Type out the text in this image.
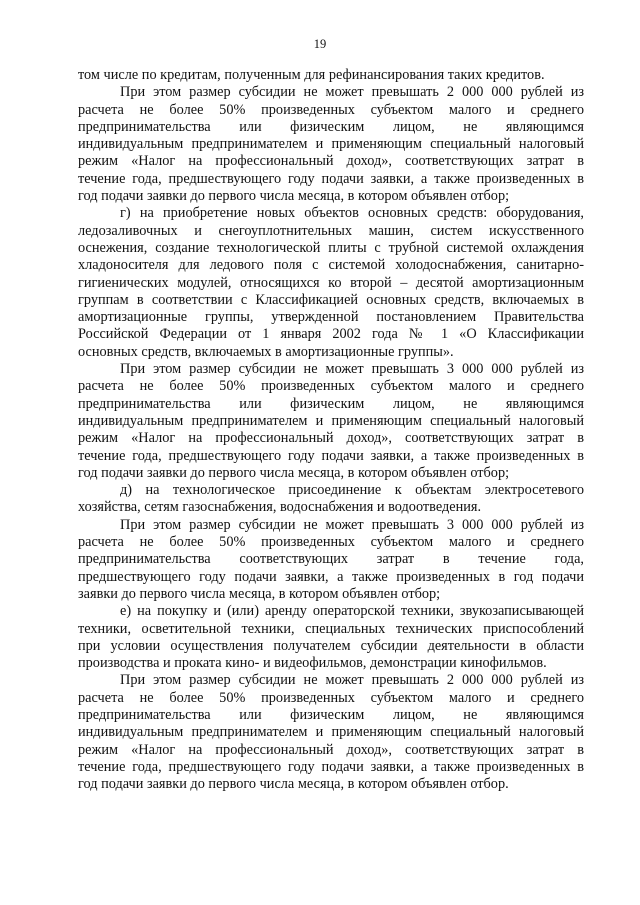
19
том числе по кредитам, полученным для рефинансирования таких кредитов.
При этом размер субсидии не может превышать 2 000 000 рублей из
расчета не более 50% произведенных субъектом малого и среднего
предпринимательства или физическим лицом, не являющимся
индивидуальным предпринимателем и применяющим специальный налоговый
режим «Налог на профессиональный доход», соответствующих затрат в
течение года, предшествующего году подачи заявки, а также произведенных в
год подачи заявки до первого числа месяца, в котором объявлен отбор;
г) на приобретение новых объектов основных средств: оборудования,
ледозаливочных и снегоуплотнительных машин, систем искусственного
оснежения, создание технологической плиты с трубной системой охлаждения
хладоносителя для ледового поля с системой холодоснабжения, санитарно-
гигиенических модулей, относящихся ко второй – десятой амортизационным
группам в соответствии с Классификацией основных средств, включаемых в
амортизационные группы, утвержденной постановлением Правительства
Российской Федерации от 1 января 2002 года № 1 «О Классификации
основных средств, включаемых в амортизационные группы».
При этом размер субсидии не может превышать 3 000 000 рублей из
расчета не более 50% произведенных субъектом малого и среднего
предпринимательства или физическим лицом, не являющимся
индивидуальным предпринимателем и применяющим специальный налоговый
режим «Налог на профессиональный доход», соответствующих затрат в
течение года, предшествующего году подачи заявки, а также произведенных в
год подачи заявки до первого числа месяца, в котором объявлен отбор;
д) на технологическое присоединение к объектам электросетевого
хозяйства, сетям газоснабжения, водоснабжения и водоотведения.
При этом размер субсидии не может превышать 3 000 000 рублей из
расчета не более 50% произведенных субъектом малого и среднего
предпринимательства соответствующих затрат в течение года,
предшествующего году подачи заявки, а также произведенных в год подачи
заявки до первого числа месяца, в котором объявлен отбор;
е) на покупку и (или) аренду операторской техники, звукозаписывающей
техники, осветительной техники, специальных технических приспособлений
при условии осуществления получателем субсидии деятельности в области
производства и проката кино- и видеофильмов, демонстрации кинофильмов.
При этом размер субсидии не может превышать 2 000 000 рублей из
расчета не более 50% произведенных субъектом малого и среднего
предпринимательства или физическим лицом, не являющимся
индивидуальным предпринимателем и применяющим специальный налоговый
режим «Налог на профессиональный доход», соответствующих затрат в
течение года, предшествующего году подачи заявки, а также произведенных в
год подачи заявки до первого числа месяца, в котором объявлен отбор.
